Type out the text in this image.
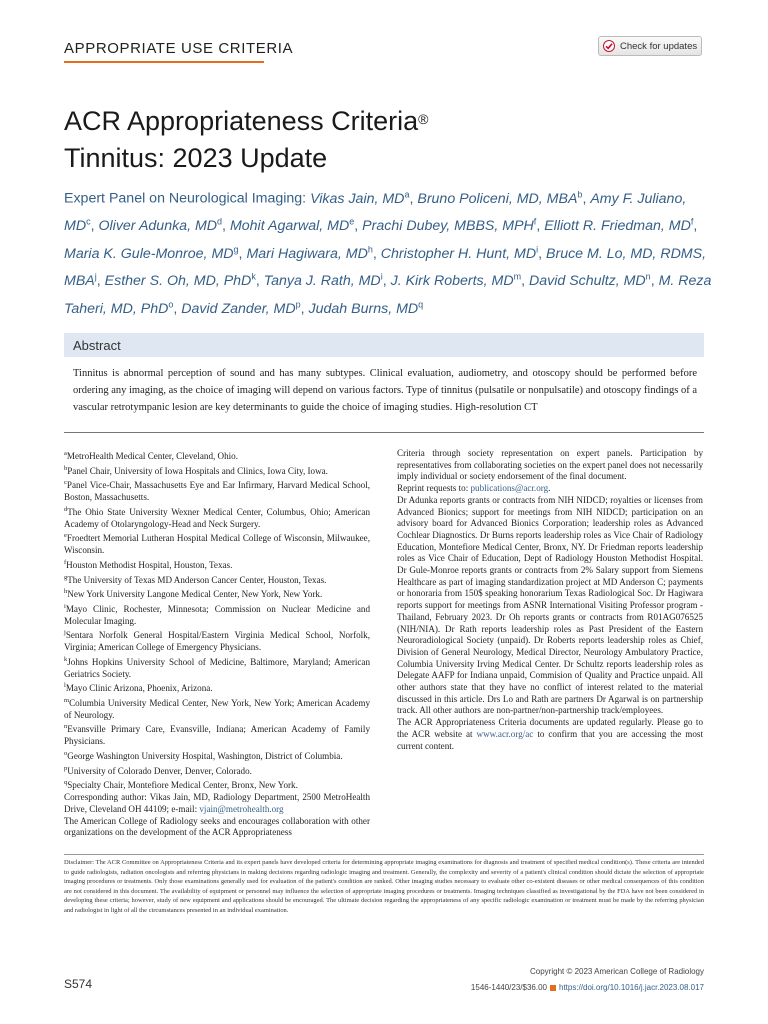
APPROPRIATE USE CRITERIA	Check for updates
ACR Appropriateness Criteria®
Tinnitus: 2023 Update
Expert Panel on Neurological Imaging: Vikas Jain, $MD^a$, Bruno Policeni, MD, MBA$^b$, Amy F. Juliano, $MD^c$, Oliver Adunka, $MD^d$, Mohit Agarwal, MDe, Prachi Dubey, MBBS, MPH$^f$, Elliott R. Friedman, $MD^f$, Maria K. Gule-Monroe, $MD^g$, Mari Hagiwara, $MD^h$, Christopher H. Hunt, $MD^i$, Bruce M. Lo, MD, RDMS, MBA$^j$, Esther S. Oh, MD, PhD$^k$, Tanya J. Rath, $MD^i$, J. Kirk Roberts, $MD^m$, David Schultz, $MD^n$, M. Reza Taheri, MD, PhD$^o$, David Zander, $MD^p$, Judah Burns, $MD^q$
Abstract

Tinnitus is abnormal perception of sound and has many subtypes. Clinical evaluation, audiometry, and otoscopy should be performed before ordering any imaging, as the choice of imaging will depend on various factors. Type of tinnitus (pulsatile or nonpulsatile) and otoscopy findings of a vascular retrotympanic lesion are key determinants to guide the choice of imaging studies. High-resolution CT

$^a$MetroHealth Medical Center, Cleveland, Ohio.

$^b$Panel Chair, University of Iowa Hospitals and Clinics, Iowa City, Iowa.

$^c$Panel Vice-Chair, Massachusetts Eye and Ear Infirmary, Harvard Medical School, Boston, Massachusetts.

$^d$The Ohio State University Wexner Medical Center, Columbus, Ohio; American Academy of Otolaryngology-Head and Neck Surgery.

$^e$Froedtert Memorial Lutheran Hospital Medical College of Wisconsin, Milwaukee, Wisconsin.

$^f$Houston Methodist Hospital, Houston, Texas.

$^g$The University of Texas MD Anderson Cancer Center, Houston, Texas.

$^h$New York University Langone Medical Center, New York, New York.

$^i$Mayo Clinic, Rochester, Minnesota; Commission on Nuclear Medicine and Molecular Imaging.

$^j$Sentara Norfolk General Hospital/Eastern Virginia Medical School, Norfolk, Virginia; American College of Emergency Physicians.

$^k$Johns Hopkins University School of Medicine, Baltimore, Maryland; American Geriatrics Society.

$^l$Mayo Clinic Arizona, Phoenix, Arizona.

$^m$Columbia University Medical Center, New York, New York; American Academy of Neurology.

$^n$Evansville Primary Care, Evansville, Indiana; American Academy of Family Physicians.

$^o$George Washington University Hospital, Washington, District of Columbia.

$^p$University of Colorado Denver, Denver, Colorado.

$^q$Specialty Chair, Montefiore Medical Center, Bronx, New York.

Corresponding author: Vikas Jain, MD, Radiology Department, 2500 MetroHealth Drive, Cleveland OH 44109; e-mail: vjain@metrohealth.org

The American College of Radiology seeks and encourages collaboration with other organizations on the development of the ACR Appropriateness

Criteria through society representation on expert panels. Participation by representatives from collaborating societies on the expert panel does not necessarily imply individual or society endorsement of the final document.

Reprint requests to: publications@acr.org.

Dr Adunka reports grants or contracts from NIH NIDCD; royalties or licenses from Advanced Bionics; support for meetings from NIH NIDCD; participation on an advisory board for Advanced Bionics Corporation; leadership roles as Advanced Cochlear Diagnostics. Dr Burns reports leadership roles as Vice Chair of Radiology Education, Montefiore Medical Center, Bronx, NY. Dr Friedman reports leadership roles as Vice Chair of Education, Dept of Radiology Houston Methodist Hospital. Dr Gule-Monroe reports grants or contracts from 2% Salary support from Siemens Healthcare as part of imaging standardization project at MD Anderson C; payments or honoraria from 150$ speaking honorarium Texas Radiological Soc. Dr Hagiwara reports support for meetings from ASNR International Visiting Professor program - Thailand, February 2023. Dr Oh reports grants or contracts from R01AG076525 (NIH/NIA). Dr Rath reports leadership roles as Past President of the Eastern Neuroradiological Society (unpaid). Dr Roberts reports leadership roles as Chief, Division of General Neurology, Medical Director, Neurology Ambulatory Practice, Columbia University Irving Medical Center. Dr Schultz reports leadership roles as Delegate AAFP for Indiana unpaid, Commision of Quality and Practice unpaid. All other authors state that they have no conflict of interest related to the material discussed in this article. Drs Lo and Rath are partners Dr Agarwal is on partnership track. All other authors are non-partner/non-partnership track/employees.

The ACR Appropriateness Criteria documents are updated regularly. Please go to the ACR website at www.acr.org/ac to confirm that you are accessing the most current content.

Disclaimer: The ACR Committee on Appropriateness Criteria and its expert panels have developed criteria for determining appropriate imaging examinations for diagnosis and treatment of specified medical condition(s). These criteria are intended to guide radiologists, radiation oncologists and referring physicians in making decisions regarding radiologic imaging and treatment. Generally, the complexity and severity of a patient's clinical condition should dictate the selection of appropriate imaging procedures or treatments. Only those examinations generally used for evaluation of the patient's condition are ranked. Other imaging studies necessary to evaluate other co-existent diseases or other medical consequences of this condition are not considered in this document. The availability of equipment or personnel may influence the selection of appropriate imaging procedures or treatments. Imaging techniques classified as investigational by the FDA have not been considered in developing these criteria; however, study of new equipment and applications should be encouraged. The ultimate decision regarding the appropriateness of any specific radiologic examination or treatment must be made by the referring physician and radiologist in light of all the circumstances presented in an individual examination.

S574
Copyright © 2023 American College of Radiology
1546-1440/23/$36.00 https://doi.org/10.1016/j.jacr.2023.08.017
